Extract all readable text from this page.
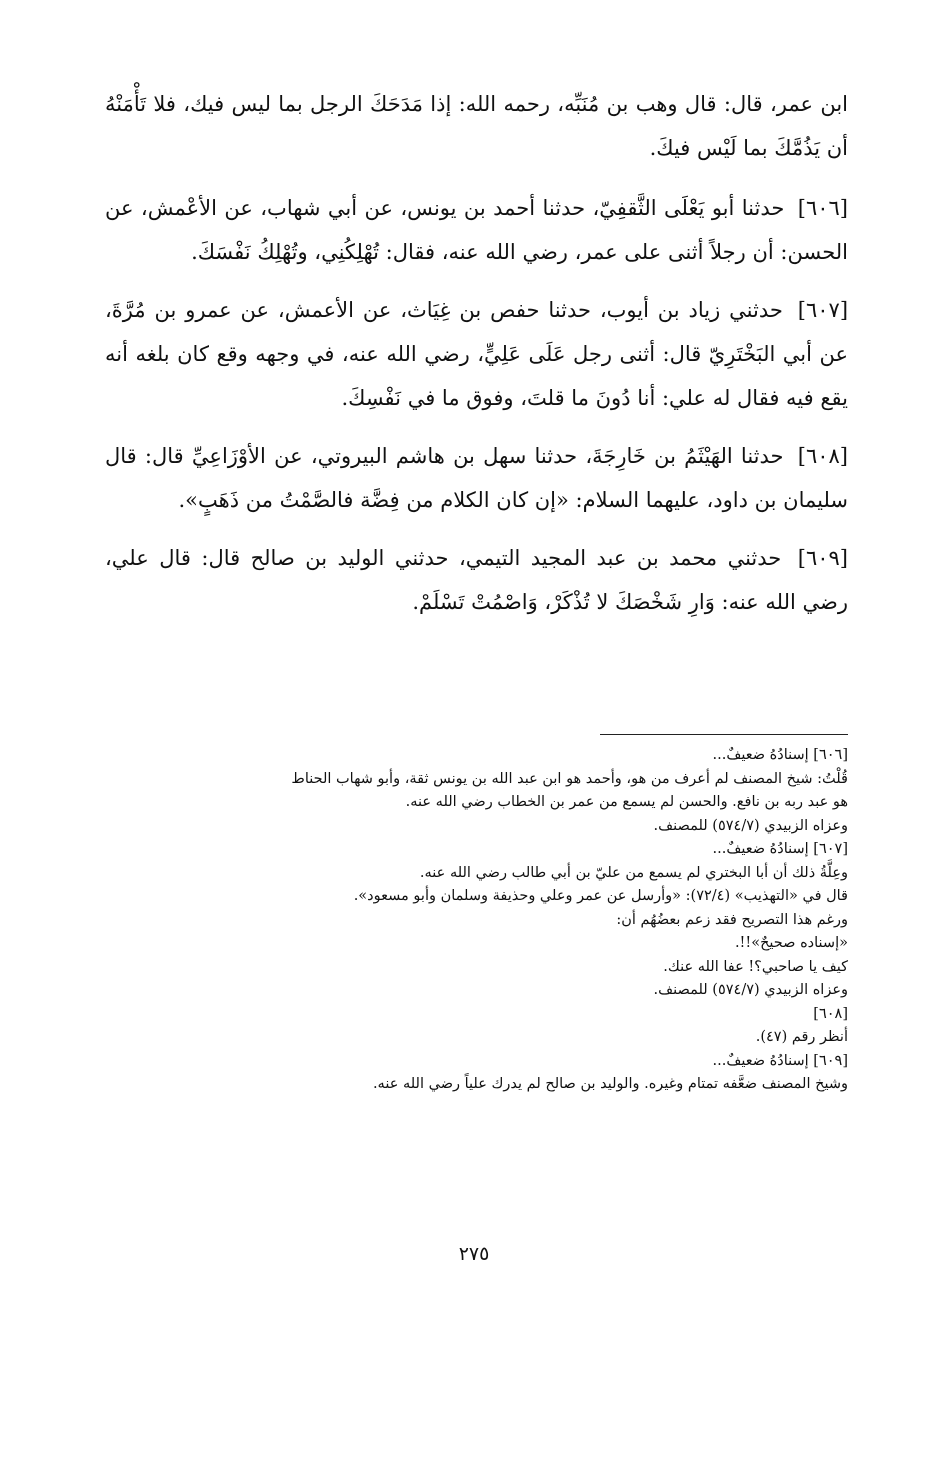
ابن عمر، قال: قال وهب بن مُنَبِّه، رحمه الله: إذا مَدَحَكَ الرجل بما ليس فيك، فلا تَأْمَنْهُ أن يَذُمَّكَ بما لَيْس فيكَ.

[٦٠٦] حدثنا أبو يَعْلَى الثَّقفِيّ، حدثنا أحمد بن يونس، عن أبي شهاب، عن الأعْمش، عن الحسن: أن رجلاً أثنى على عمر، رضي الله عنه، فقال: تُهْلِكُنِي، وتُهْلِكُ نَفْسَكَ.

[٦٠٧] حدثني زياد بن أيوب، حدثنا حفص بن غِيَاث، عن الأعمش، عن عمرو بن مُرَّةَ، عن أبي البَخْتَرِيّ قال: أثنى رجل عَلَى عَلِيٍّ، رضي الله عنه، في وجهه وقع كان بلغه أنه يقع فيه فقال له علي: أنا دُونَ ما قلتَ، وفوق ما في نَفْسِكَ.

[٦٠٨] حدثنا الهَيْثَمُ بن خَارِجَةَ، حدثنا سهل بن هاشم البيروتي، عن الأوْزَاعِيِّ قال: قال سليمان بن داود، عليهما السلام: «إن كان الكلام من فِضَّة فالصَّمْتُ من ذَهَبٍ».

[٦٠٩] حدثني محمد بن عبد المجيد التيمي، حدثني الوليد بن صالح قال: قال علي، رضي الله عنه: وَارِ شَخْصَكَ لا تُذْكَرْ، وَاصْمُتْ تَسْلَمْ.

[٦٠٦] إسنادُهُ ضعيفٌ...
قُلْتُ: شيخ المصنف لم أعرف من هو، وأحمد هو ابن عبد الله بن يونس ثقة، وأبو شهاب الحناط
هو عبد ربه بن نافع. والحسن لم يسمع من عمر بن الخطاب رضي الله عنه.
وعزاه الزبيدي (٥٧٤/٧) للمصنف.
[٦٠٧] إسنادُهُ ضعيفٌ...
وعِلَّةُ ذلك أن أبا البختري لم يسمع من عليّ بن أبي طالب رضي الله عنه.
قال في «التهذيب» (٧٢/٤): «وأرسل عن عمر وعلي وحذيفة وسلمان وأبو مسعود».
ورغم هذا التصريح فقد زعم بعضُهُم أن:
«إسناده صحيحٌ»!!.
كيف يا صاحبي؟! عفا الله عنك.
وعزاه الزبيدي (٥٧٤/٧) للمصنف.
[٦٠٨]
أنظر رقم (٤٧).
[٦٠٩] إسنادُهُ ضعيفٌ...
وشيخ المصنف ضعَّفه تمتام وغيره. والوليد بن صالح لم يدرك علياً رضي الله عنه.
٢٧٥
